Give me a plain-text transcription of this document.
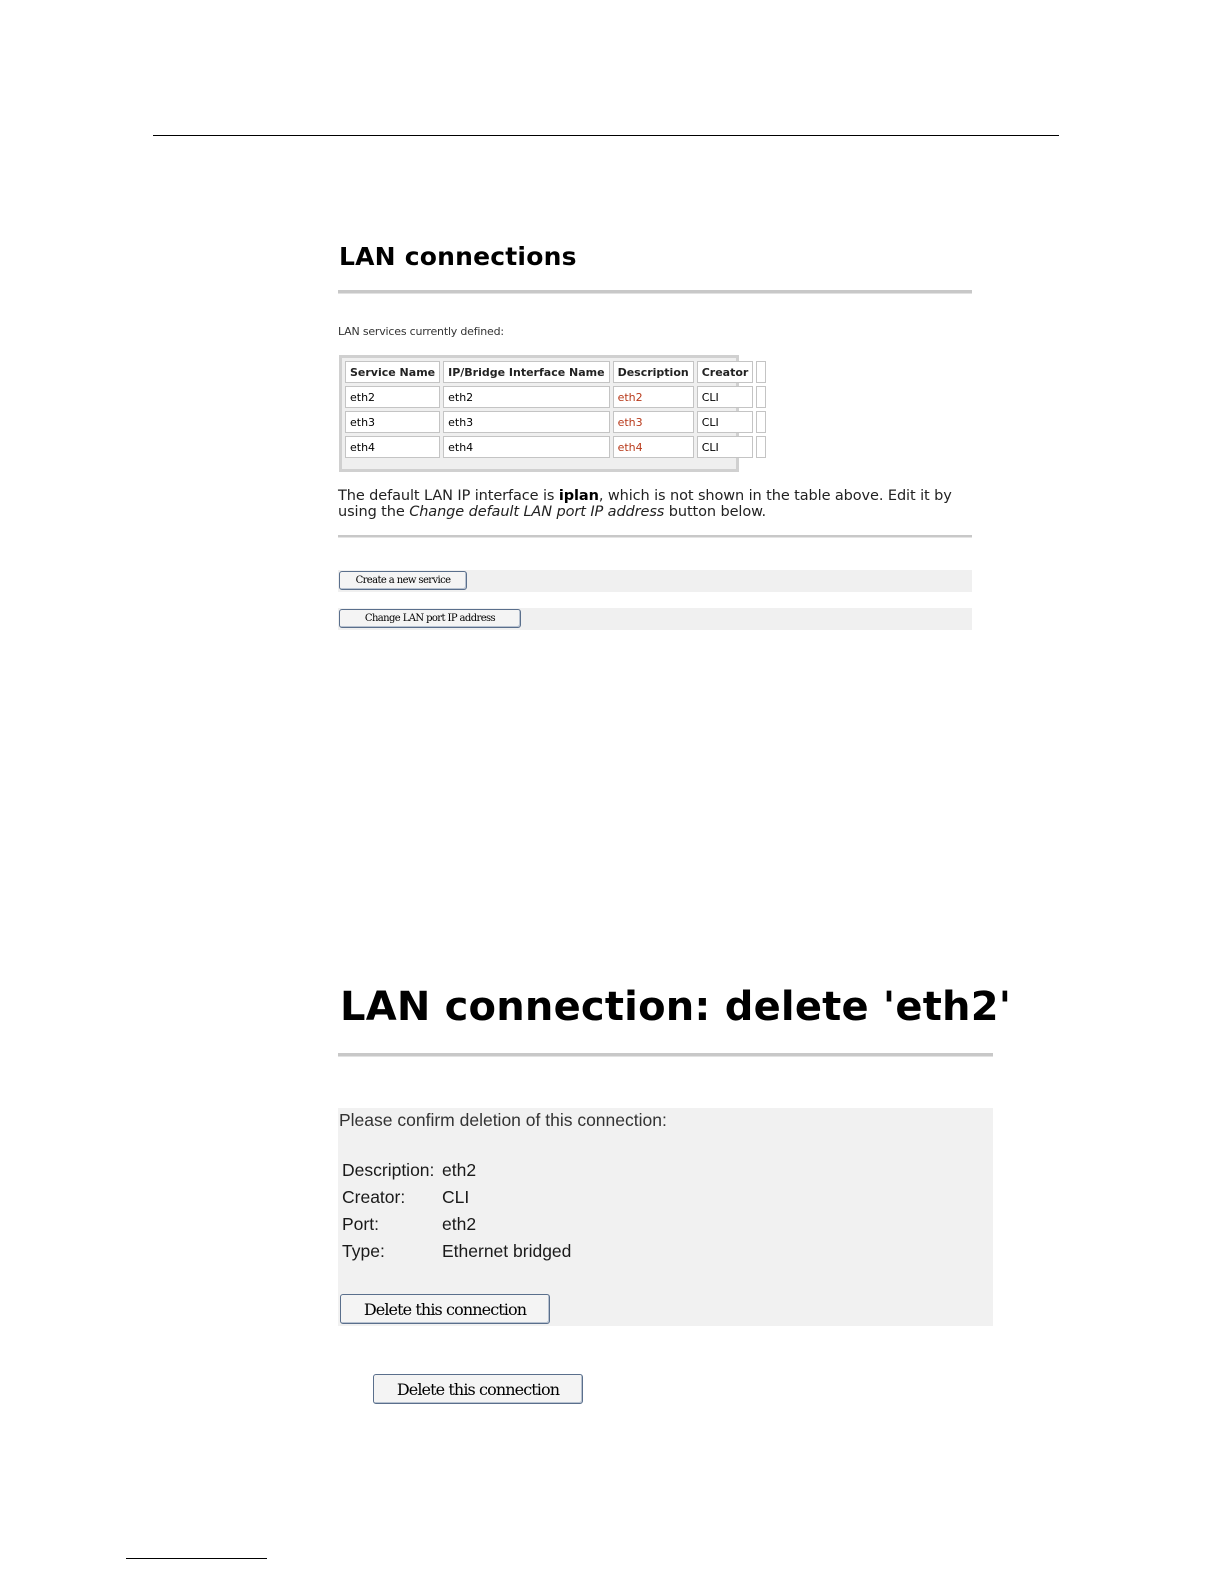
LAN connections
LAN services currently defined:
Service Name	IP/Bridge Interface Name	Description	Creator	
eth2	eth2	eth2	CLI	
eth3	eth3	eth3	CLI	
eth4	eth4	eth4	CLI	
The default LAN IP interface is iplan, which is not shown in the table above. Edit it by using the Change default LAN port IP address button below.
Create a new service
Change LAN port IP address
LAN connection: delete 'eth2'
Please confirm deletion of this connection:
Description: eth2
Creator: CLI
Port:	eth2
Type:	Ethernet bridged
Delete this connection
Delete this connection
